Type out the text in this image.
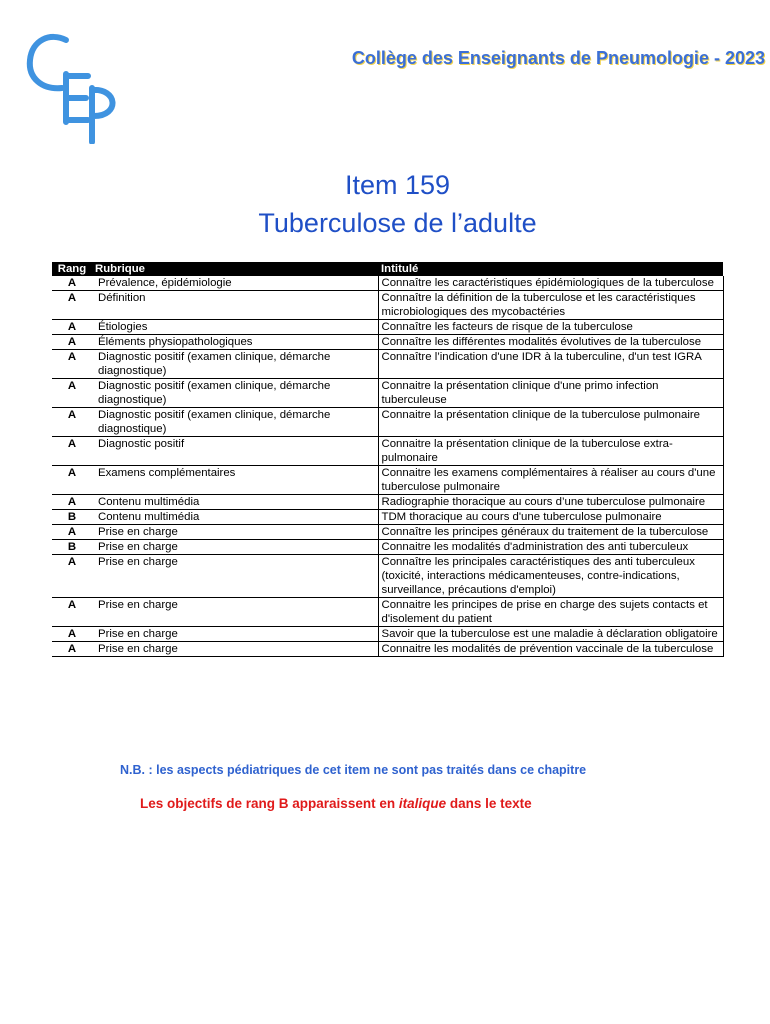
Collège des Enseignants de Pneumologie - 2023
Item 159
Tuberculose de l’adulte
Rang	Rubrique	Intitulé
A	Prévalence, épidémiologie	Connaître les caractéristiques épidémiologiques de la tuberculose
A	Définition	Connaître la définition de la tuberculose et les caractéristiques microbiologiques des mycobactéries
A	Étiologies	Connaître les facteurs de risque de la tuberculose
A	Éléments physiopathologiques	Connaître les différentes modalités évolutives de la tuberculose
A	Diagnostic positif (examen clinique, démarche diagnostique)	Connaître l’indication d'une IDR à la tuberculine, d'un test IGRA
A	Diagnostic positif (examen clinique, démarche diagnostique)	Connaitre la présentation clinique d'une primo infection tuberculeuse
A	Diagnostic positif (examen clinique, démarche diagnostique)	Connaitre la présentation clinique de la tuberculose pulmonaire
A	Diagnostic positif	Connaitre la présentation clinique de la tuberculose extra-pulmonaire
A	Examens complémentaires	Connaitre les examens complémentaires à réaliser au cours d'une tuberculose pulmonaire
A	Contenu multimédia	Radiographie thoracique au cours d’une tuberculose pulmonaire
B	Contenu multimédia	TDM thoracique au cours d'une tuberculose pulmonaire
A	Prise en charge	Connaître les principes généraux du traitement de la tuberculose
B	Prise en charge	Connaitre les modalités d'administration des anti tuberculeux
A	Prise en charge	Connaître les principales caractéristiques des anti tuberculeux (toxicité, interactions médicamenteuses, contre-indications, surveillance, précautions d'emploi)
A	Prise en charge	Connaitre les principes de prise en charge des sujets contacts et d'isolement du patient
A	Prise en charge	Savoir que la tuberculose est une maladie à déclaration obligatoire
A	Prise en charge	Connaitre les modalités de prévention vaccinale de la tuberculose
N.B. : les aspects pédiatriques de cet item ne sont pas traités dans ce chapitre
Les objectifs de rang B apparaissent en italique dans le texte
